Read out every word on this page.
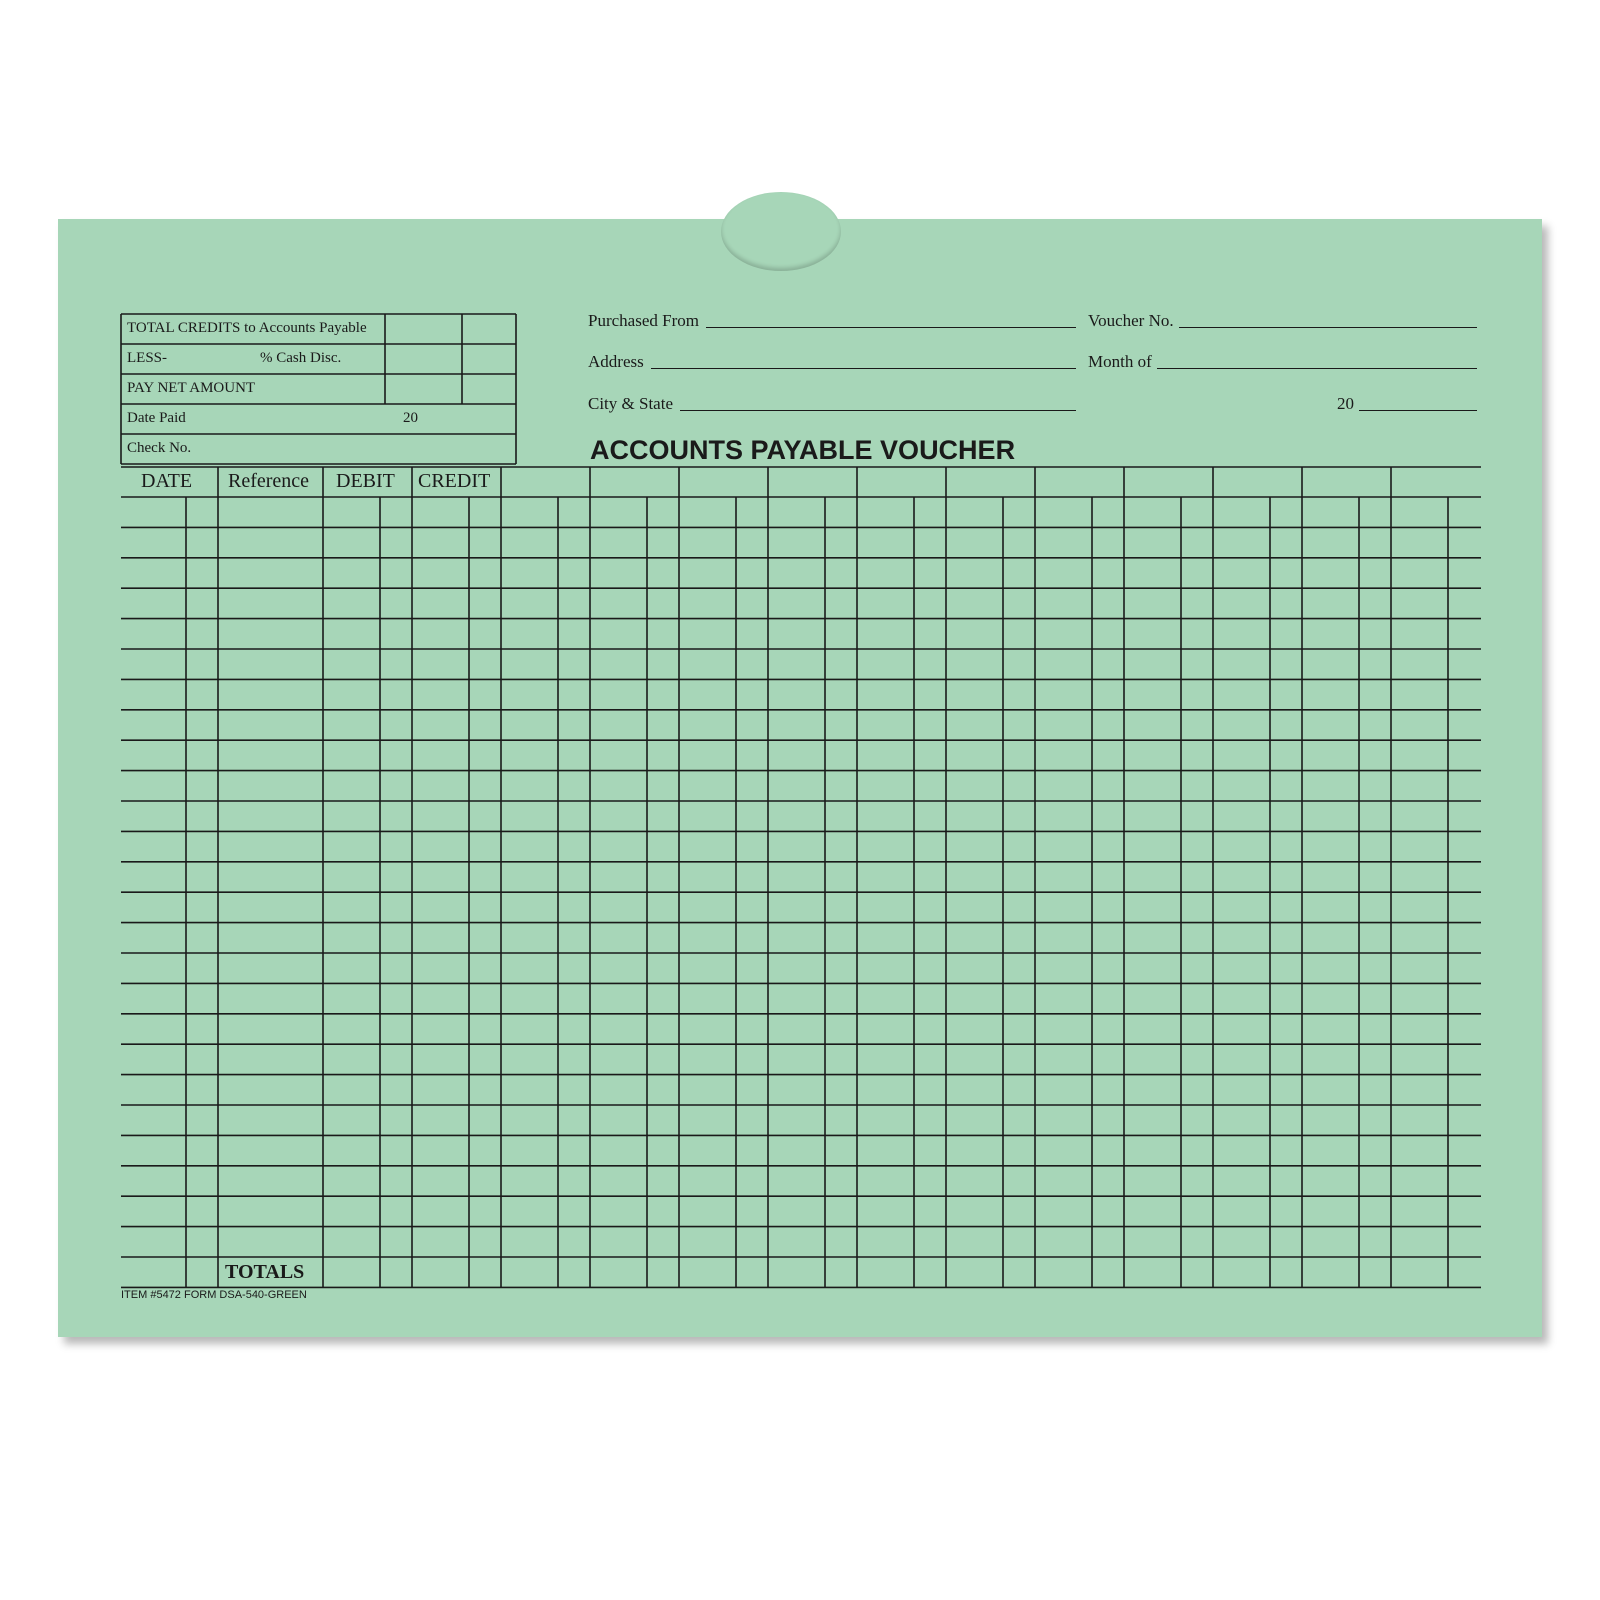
TOTAL CREDITS to Accounts Payable
LESS-	% Cash Disc.
PAY NET AMOUNT
Date Paid	20
Check No.
Purchased From	Voucher No.
Address	Month of
City & State	20
ACCOUNTS PAYABLE VOUCHER
DATE Reference DEBIT CREDIT
TOTALS
ITEM #5472 FORM DSA-540-GREEN
